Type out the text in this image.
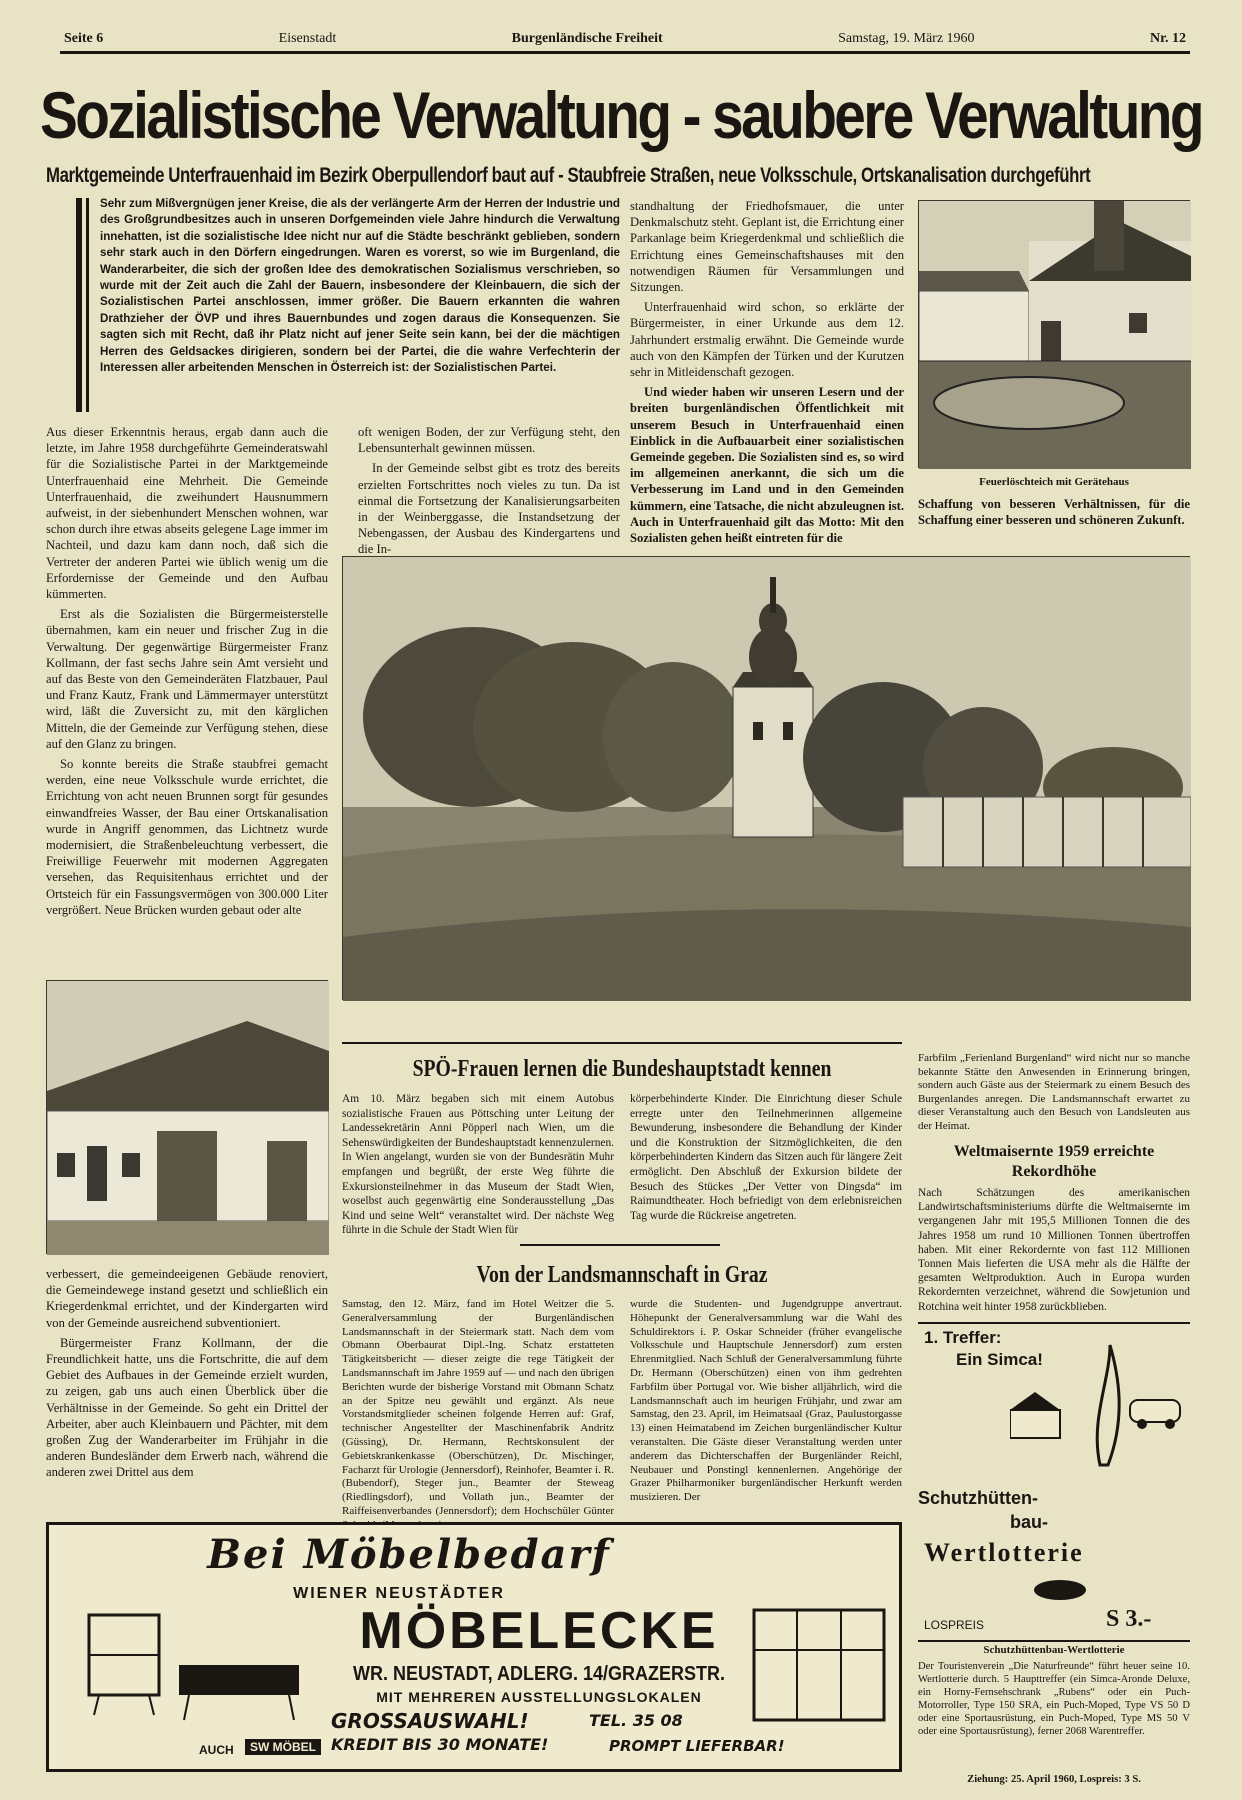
Seite 6	Eisenstadt	Burgenländische Freiheit	Samstag, 19. März 1960	Nr. 12
Sozialistische Verwaltung - saubere Verwaltung
Marktgemeinde Unterfrauenhaid im Bezirk Oberpullendorf baut auf - Staubfreie Straßen, neue Volksschule, Ortskanalisation durchgeführt
Sehr zum Mißvergnügen jener Kreise, die als der verlängerte Arm der Herren der Industrie und des Großgrundbesitzes auch in unseren Dorfgemeinden viele Jahre hindurch die Verwaltung innehatten, ist die sozialistische Idee nicht nur auf die Städte beschränkt geblieben, sondern sehr stark auch in den Dörfern eingedrungen. Waren es vorerst, so wie im Burgenland, die Wanderarbeiter, die sich der großen Idee des demokratischen Sozialismus verschrieben, so wurde mit der Zeit auch die Zahl der Bauern, insbesondere der Kleinbauern, die sich der Sozialistischen Partei anschlossen, immer größer. Die Bauern erkannten die wahren Drathzieher der ÖVP und ihres Bauernbundes und zogen daraus die Konsequenzen. Sie sagten sich mit Recht, daß ihr Platz nicht auf jener Seite sein kann, bei der die mächtigen Herren des Geldsackes dirigieren, sondern bei der Partei, die die wahre Verfechterin der Interessen aller arbeitenden Menschen in Österreich ist: der Sozialistischen Partei.

Aus dieser Erkenntnis heraus, ergab dann auch die letzte, im Jahre 1958 durchgeführte Gemeinderatswahl für die Sozialistische Partei in der Marktgemeinde Unterfrauenhaid eine Mehrheit. Die Gemeinde Unterfrauenhaid, die zweihundert Hausnummern aufweist, in der siebenhundert Menschen wohnen, war schon durch ihre etwas abseits gelegene Lage immer im Nachteil, und dazu kam dann noch, daß sich die Vertreter der anderen Partei wie üblich wenig um die Erfordernisse der Gemeinde und den Aufbau kümmerten.

Erst als die Sozialisten die Bürgermeisterstelle übernahmen, kam ein neuer und frischer Zug in die Verwaltung. Der gegenwärtige Bürgermeister Franz Kollmann, der fast sechs Jahre sein Amt versieht und auf das Beste von den Gemeinderäten Flatzbauer, Paul und Franz Kautz, Frank und Lämmermayer unterstützt wird, läßt die Zuversicht zu, mit den kärglichen Mitteln, die der Gemeinde zur Verfügung stehen, diese auf den Glanz zu bringen.

So konnte bereits die Straße staubfrei gemacht werden, eine neue Volksschule wurde errichtet, die Errichtung von acht neuen Brunnen sorgt für gesundes einwandfreies Wasser, der Bau einer Ortskanalisation wurde in Angriff genommen, das Lichtnetz wurde modernisiert, die Straßenbeleuchtung verbessert, die Freiwillige Feuerwehr mit modernen Aggregaten versehen, das Requisitenhaus errichtet und der Ortsteich für ein Fassungsvermögen von 300.000 Liter vergrößert. Neue Brücken wurden gebaut oder alte

oft wenigen Boden, der zur Verfügung steht, den Lebensunterhalt gewinnen müssen.

In der Gemeinde selbst gibt es trotz des bereits erzielten Fortschrittes noch vieles zu tun. Da ist einmal die Fortsetzung der Kanalisierungsarbeiten in der Weinberggasse, die Instandsetzung der Nebengassen, der Ausbau des Kindergartens und die In-

standhaltung der Friedhofsmauer, die unter Denkmalschutz steht. Geplant ist, die Errichtung einer Parkanlage beim Kriegerdenkmal und schließlich die Errichtung eines Gemeinschaftshauses mit den notwendigen Räumen für Versammlungen und Sitzungen.

Unterfrauenhaid wird schon, so erklärte der Bürgermeister, in einer Urkunde aus dem 12. Jahrhundert erstmalig erwähnt. Die Gemeinde wurde auch von den Kämpfen der Türken und der Kurutzen sehr in Mitleidenschaft gezogen.

Und wieder haben wir unseren Lesern und der breiten burgenländischen Öffentlichkeit mit unserem Besuch in Unterfrauenhaid einen Einblick in die Aufbauarbeit einer sozialistischen Gemeinde gegeben. Die Sozialisten sind es, so wird im allgemeinen anerkannt, die sich um die Verbesserung im Land und in den Gemeinden kümmern, eine Tatsache, die nicht abzuleugnen ist. Auch in Unterfrauenhaid gilt das Motto: Mit den Sozialisten gehen heißt eintreten für die

Feuerlöschteich mit Gerätehaus
Schaffung von besseren Verhältnissen, für die Schaffung einer besseren und schöneren Zukunft.

verbessert, die gemeindeeigenen Gebäude renoviert, die Gemeindewege instand gesetzt und schließlich ein Kriegerdenkmal errichtet, und der Kindergarten wird von der Gemeinde ausreichend subventioniert.

Bürgermeister Franz Kollmann, der die Freundlichkeit hatte, uns die Fortschritte, die auf dem Gebiet des Aufbaues in der Gemeinde erzielt wurden, zu zeigen, gab uns auch einen Überblick über die Verhältnisse in der Gemeinde. So geht ein Drittel der Arbeiter, aber auch Kleinbauern und Pächter, mit dem großen Zug der Wanderarbeiter im Frühjahr in die anderen Bundesländer dem Erwerb nach, während die anderen zwei Drittel aus dem

SPÖ-Frauen lernen die Bundeshauptstadt kennen
Am 10. März begaben sich mit einem Autobus sozialistische Frauen aus Pöttsching unter Leitung der Landessekretärin Anni Pöpperl nach Wien, um die Sehenswürdigkeiten der Bundeshauptstadt kennenzulernen. In Wien angelangt, wurden sie von der Bundesrätin Muhr empfangen und begrüßt, der erste Weg führte die Exkursionsteilnehmer in das Museum der Stadt Wien, woselbst auch gegenwärtig eine Sonderausstellung „Das Kind und seine Welt“ veranstaltet wird. Der nächste Weg führte in die Schule der Stadt Wien für
körperbehinderte Kinder. Die Einrichtung dieser Schule erregte unter den Teilnehmerinnen allgemeine Bewunderung, insbesondere die Behandlung der Kinder und die Konstruktion der Sitzmöglichkeiten, die den körperbehinderten Kindern das Sitzen auch für längere Zeit ermöglicht. Den Abschluß der Exkursion bildete der Besuch des Stückes „Der Vetter von Dingsda“ im Raimundtheater. Hoch befriedigt von dem erlebnisreichen Tag wurde die Rückreise angetreten.
Von der Landsmannschaft in Graz
Samstag, den 12. März, fand im Hotel Weitzer die 5. Generalversammlung der Burgenländischen Landsmannschaft in der Steiermark statt. Nach dem vom Obmann Oberbaurat Dipl.-Ing. Schatz erstatteten Tätigkeitsbericht — dieser zeigte die rege Tätigkeit der Landsmannschaft im Jahre 1959 auf — und nach den übrigen Berichten wurde der bisherige Vorstand mit Obmann Schatz an der Spitze neu gewählt und ergänzt. Als neue Vorstandsmitglieder scheinen folgende Herren auf: Graf, technischer Angestellter der Maschinenfabrik Andritz (Güssing), Dr. Hermann, Rechtskonsulent der Gebietskrankenkasse (Oberschützen), Dr. Mischinger, Facharzt für Urologie (Jennersdorf), Reinhofer, Beamter i. R. (Bubendorf), Steger jun., Beamter der Steweag (Riedlingsdorf), und Vollath jun., Beamter der Raiffeisenverbandes (Jennersdorf); dem Hochschüler Günter
wurde die Studenten- und Jugendgruppe anvertraut. Höhepunkt der Generalversammlung war die Wahl des Schuldirektors i. P. Oskar Schneider (früher evangelische Volksschule und Hauptschule Jennersdorf) zum ersten Ehrenmitglied. Nach Schluß der Generalversammlung führte Dr. Hermann (Oberschützen) einen von ihm gedrehten Farbfilm über Portugal vor. Wie bisher alljährlich, wird die Landsmannschaft auch im heurigen Frühjahr, und zwar am Samstag, den 23. April, im Heimatsaal (Graz, Paulustorgasse 13) einen Heimatabend im Zeichen burgenländischer Kultur veranstalten. Die Gäste dieser Veranstaltung werden unter anderem das Dichterschaffen der Burgenländer Reichl, Neubauer und Ponstingl kennenlernen. Angehörige der Grazer Philharmoniker burgenländischer Herkunft werden musizieren. Der
Farbfilm „Ferienland Burgenland“ wird nicht nur so manche bekannte Stätte den Anwesenden in Erinnerung bringen, sondern auch Gäste aus der Steiermark zu einem Besuch des Burgenlandes anregen. Die Landsmannschaft erwartet zu dieser Veranstaltung auch den Besuch von Landsleuten aus der Heimat.
Weltmaisernte 1959 erreichte Rekordhöhe
Nach Schätzungen des amerikanischen Landwirtschaftsministeriums dürfte die Weltmaisernte im vergangenen Jahr mit 195,5 Millionen Tonnen die des Jahres 1958 um rund 10 Millionen Tonnen übertroffen haben. Mit einer Rekordernte von fast 112 Millionen Tonnen Mais lieferten die USA mehr als die Hälfte der gesamten Weltproduktion. Auch in Europa wurden Rekordernten verzeichnet, während die Sowjetunion und Rotchina weit hinter 1958 zurückblieben.
1. Treffer:
Ein Simca!
Schutzhütten-
bau-
Wertlotterie
LOSPREIS	S 3.-
Schutzhüttenbau-Wertlotterie
Der Touristenverein „Die Naturfreunde“ führt heuer seine 10. Wertlotterie durch. 5 Haupttreffer (ein Simca-Aronde Deluxe, ein Horny-Fernsehschrank „Rubens“ oder ein Puch-Motorroller, Type 150 SRA, ein Puch-Moped, Type VS 50 D oder eine Sportausrüstung, ein Puch-Moped, Type MS 50 V oder eine Sportausrüstung), ferner 2068 Warentreffer.
Ziehung: 25. April 1960, Lospreis: 3 S.
Bei Möbelbedarf
WIENER NEUSTÄDTER
MÖBELECKE
WR. NEUSTADT, ADLERG. 14/GRAZERSTR.
MIT MEHREREN AUSSTELLUNGSLOKALEN
GROSSAUSWAHL!	TEL. 35 08
KREDIT BIS 30 MONATE!	PROMPT LIEFERBAR!
AUCH	SW MÖBEL
